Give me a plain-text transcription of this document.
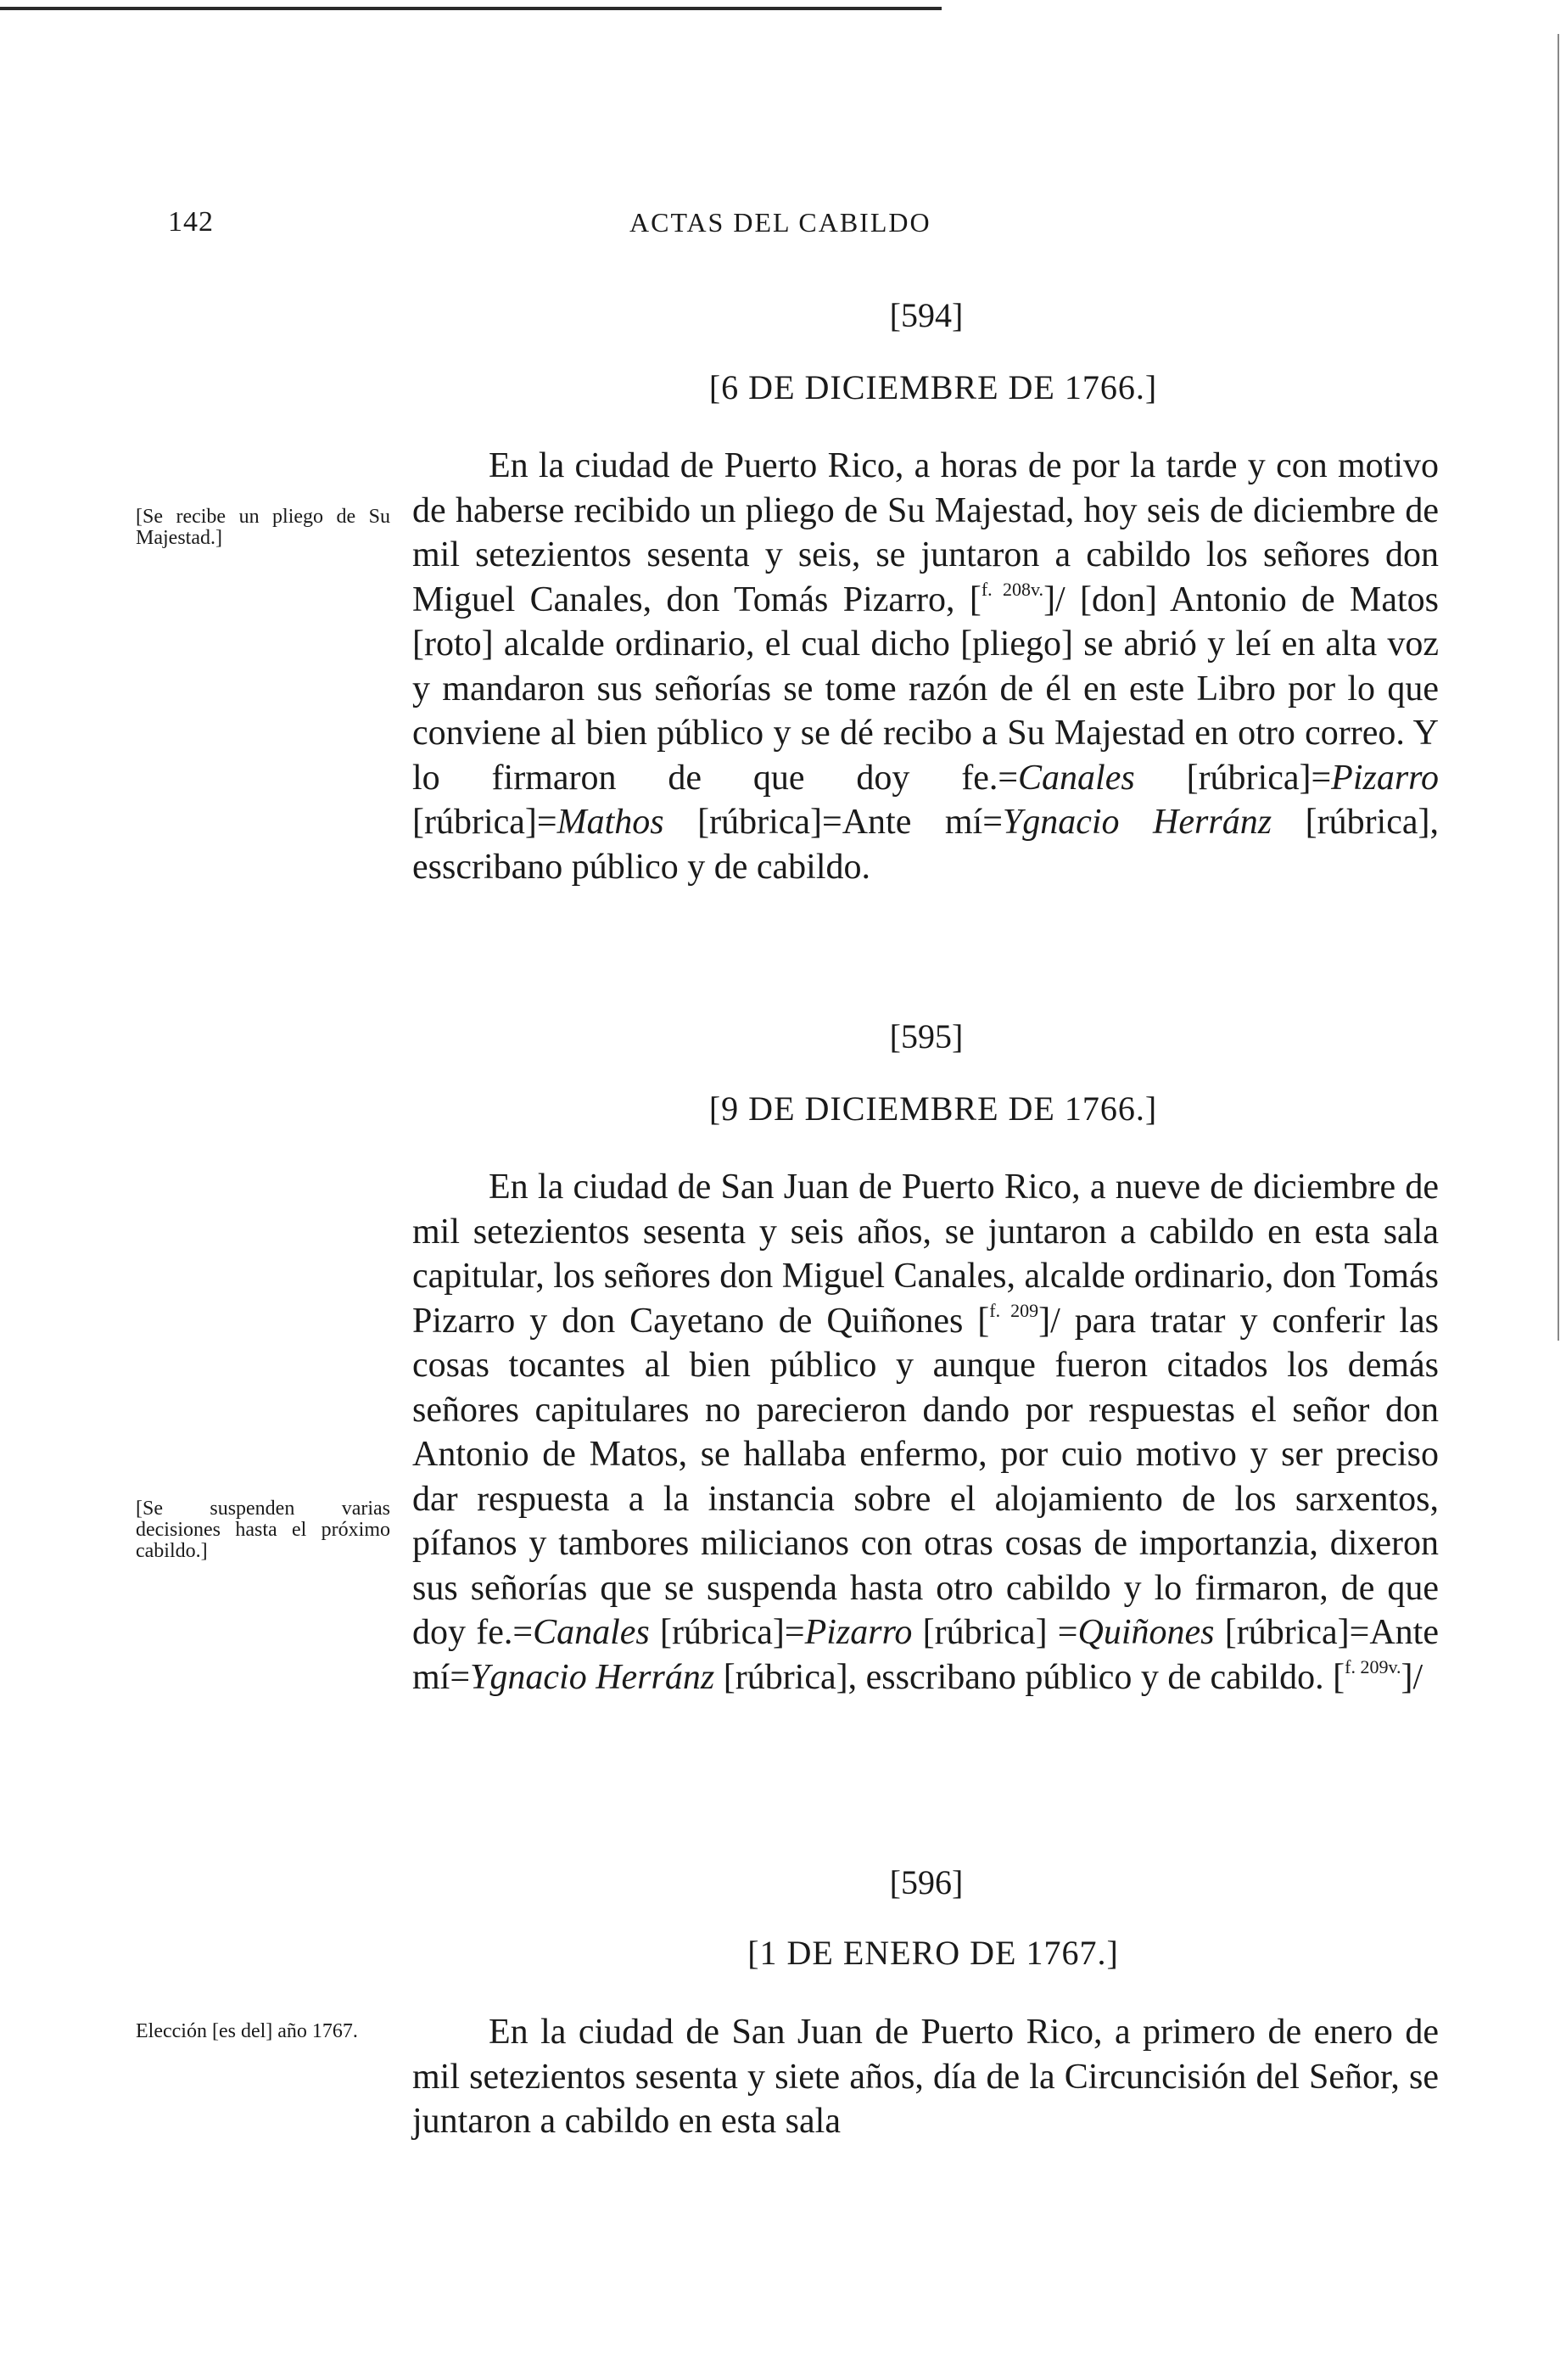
142	ACTAS DEL CABILDO
[594]
[6 DE DICIEMBRE DE 1766.]

[Se recibe un pliego de Su Majestad.]

En la ciudad de Puerto Rico, a horas de por la tarde y con motivo de haberse recibido un pliego de Su Majestad, hoy seis de diciembre de mil setezientos sesenta y seis, se juntaron a cabildo los señores don Miguel Canales, don Tomás Pizarro, [$^{f. 208v.}$]/ [don] Antonio de Matos [roto] alcalde ordinario, el cual dicho [pliego] se abrió y leí en alta voz y mandaron sus señorías se tome razón de él en este Libro por lo que conviene al bien público y se dé recibo a Su Majestad en otro correo. Y lo firmaron de que doy fe.=Canales [rúbrica]=Pizarro [rúbrica]=Mathos [rúbrica]=Ante mí=Ygnacio Herránz [rúbrica], esscribano público y de cabildo.

[595]
[9 DE DICIEMBRE DE 1766.]

[Se suspenden varias decisiones hasta el próximo cabildo.]

En la ciudad de San Juan de Puerto Rico, a nueve de diciembre de mil setezientos sesenta y seis años, se juntaron a cabildo en esta sala capitular, los señores don Miguel Canales, alcalde ordinario, don Tomás Pizarro y don Cayetano de Quiñones [$^{f. 209}$]/ para tratar y conferir las cosas tocantes al bien público y aunque fueron citados los demás señores capitulares no parecieron dando por respuestas el señor don Antonio de Matos, se hallaba enfermo, por cuio motivo y ser preciso dar respuesta a la instancia sobre el alojamiento de los sarxentos, pífanos y tambores milicianos con otras cosas de importanzia, dixeron sus señorías que se suspenda hasta otro cabildo y lo firmaron, de que doy fe.=Canales [rúbrica]=Pizarro [rúbrica] =Quiñones [rúbrica]=Ante mí=Ygnacio Herránz [rúbrica], esscribano público y de cabildo. [$^{f. 209v.}$]/

[596]
[1 DE ENERO DE 1767.]

Elección [es del] año 1767.	En la ciudad de San Juan de Puerto Rico, a primero de enero de mil setezientos sesenta y siete años, día de la Circuncisión del Señor, se juntaron a cabildo en esta sala
